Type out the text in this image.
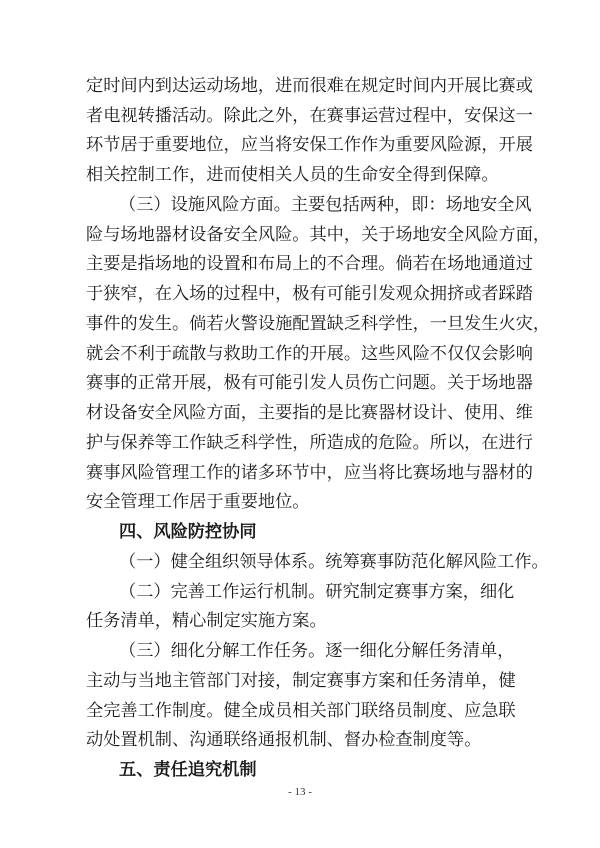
定时间内到达运动场地，进而很难在规定时间内开展比赛或
者电视转播活动。除此之外，在赛事运营过程中，安保这一
环节居于重要地位，应当将安保工作作为重要风险源，开展
相关控制工作，进而使相关人员的生命安全得到保障。
（三）设施风险方面。主要包括两种，即：场地安全风
险与场地器材设备安全风险。其中，关于场地安全风险方面，
主要是指场地的设置和布局上的不合理。倘若在场地通道过
于狭窄，在入场的过程中，极有可能引发观众拥挤或者踩踏
事件的发生。倘若火警设施配置缺乏科学性，一旦发生火灾，
就会不利于疏散与救助工作的开展。这些风险不仅仅会影响
赛事的正常开展，极有可能引发人员伤亡问题。关于场地器
材设备安全风险方面，主要指的是比赛器材设计、使用、维
护与保养等工作缺乏科学性，所造成的危险。所以，在进行
赛事风险管理工作的诸多环节中，应当将比赛场地与器材的
安全管理工作居于重要地位。
四、风险防控协同
（一）健全组织领导体系。统筹赛事防范化解风险工作。
（二）完善工作运行机制。研究制定赛事方案，细化
任务清单，精心制定实施方案。
（三）细化分解工作任务。逐一细化分解任务清单，
主动与当地主管部门对接，制定赛事方案和任务清单，健
全完善工作制度。健全成员相关部门联络员制度、应急联
动处置机制、沟通联络通报机制、督办检查制度等。
五、责任追究机制
- 13 -
